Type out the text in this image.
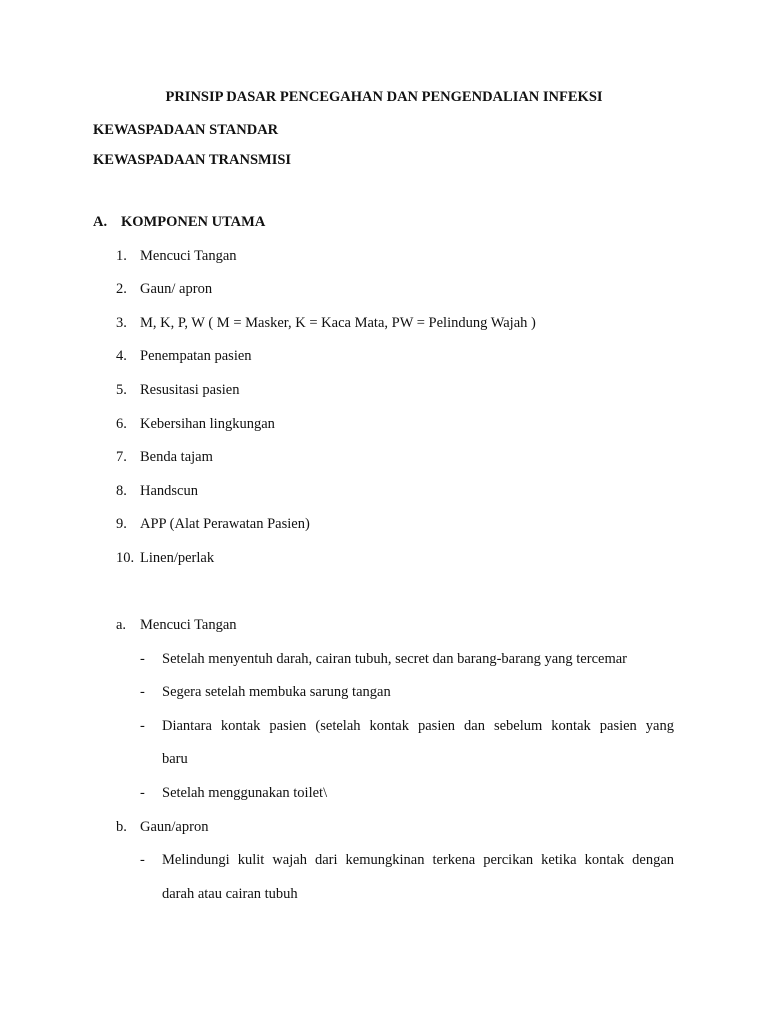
PRINSIP DASAR PENCEGAHAN DAN PENGENDALIAN INFEKSI
KEWASPADAAN STANDAR
KEWASPADAAN TRANSMISI
A. KOMPONEN UTAMA
1. Mencuci Tangan
2. Gaun/ apron
3. M, K, P, W ( M = Masker, K = Kaca Mata, PW = Pelindung Wajah )
4. Penempatan pasien
5. Resusitasi pasien
6. Kebersihan lingkungan
7. Benda tajam
8. Handscun
9. APP (Alat Perawatan Pasien)
10. Linen/perlak
a. Mencuci Tangan
- Setelah menyentuh darah, cairan tubuh, secret dan barang-barang yang tercemar
- Segera setelah membuka sarung tangan
- Diantara kontak pasien (setelah kontak pasien dan sebelum kontak pasien yang
baru
- Setelah menggunakan toilet\
b. Gaun/apron
- Melindungi kulit wajah dari kemungkinan terkena percikan ketika kontak dengan
darah atau cairan tubuh
